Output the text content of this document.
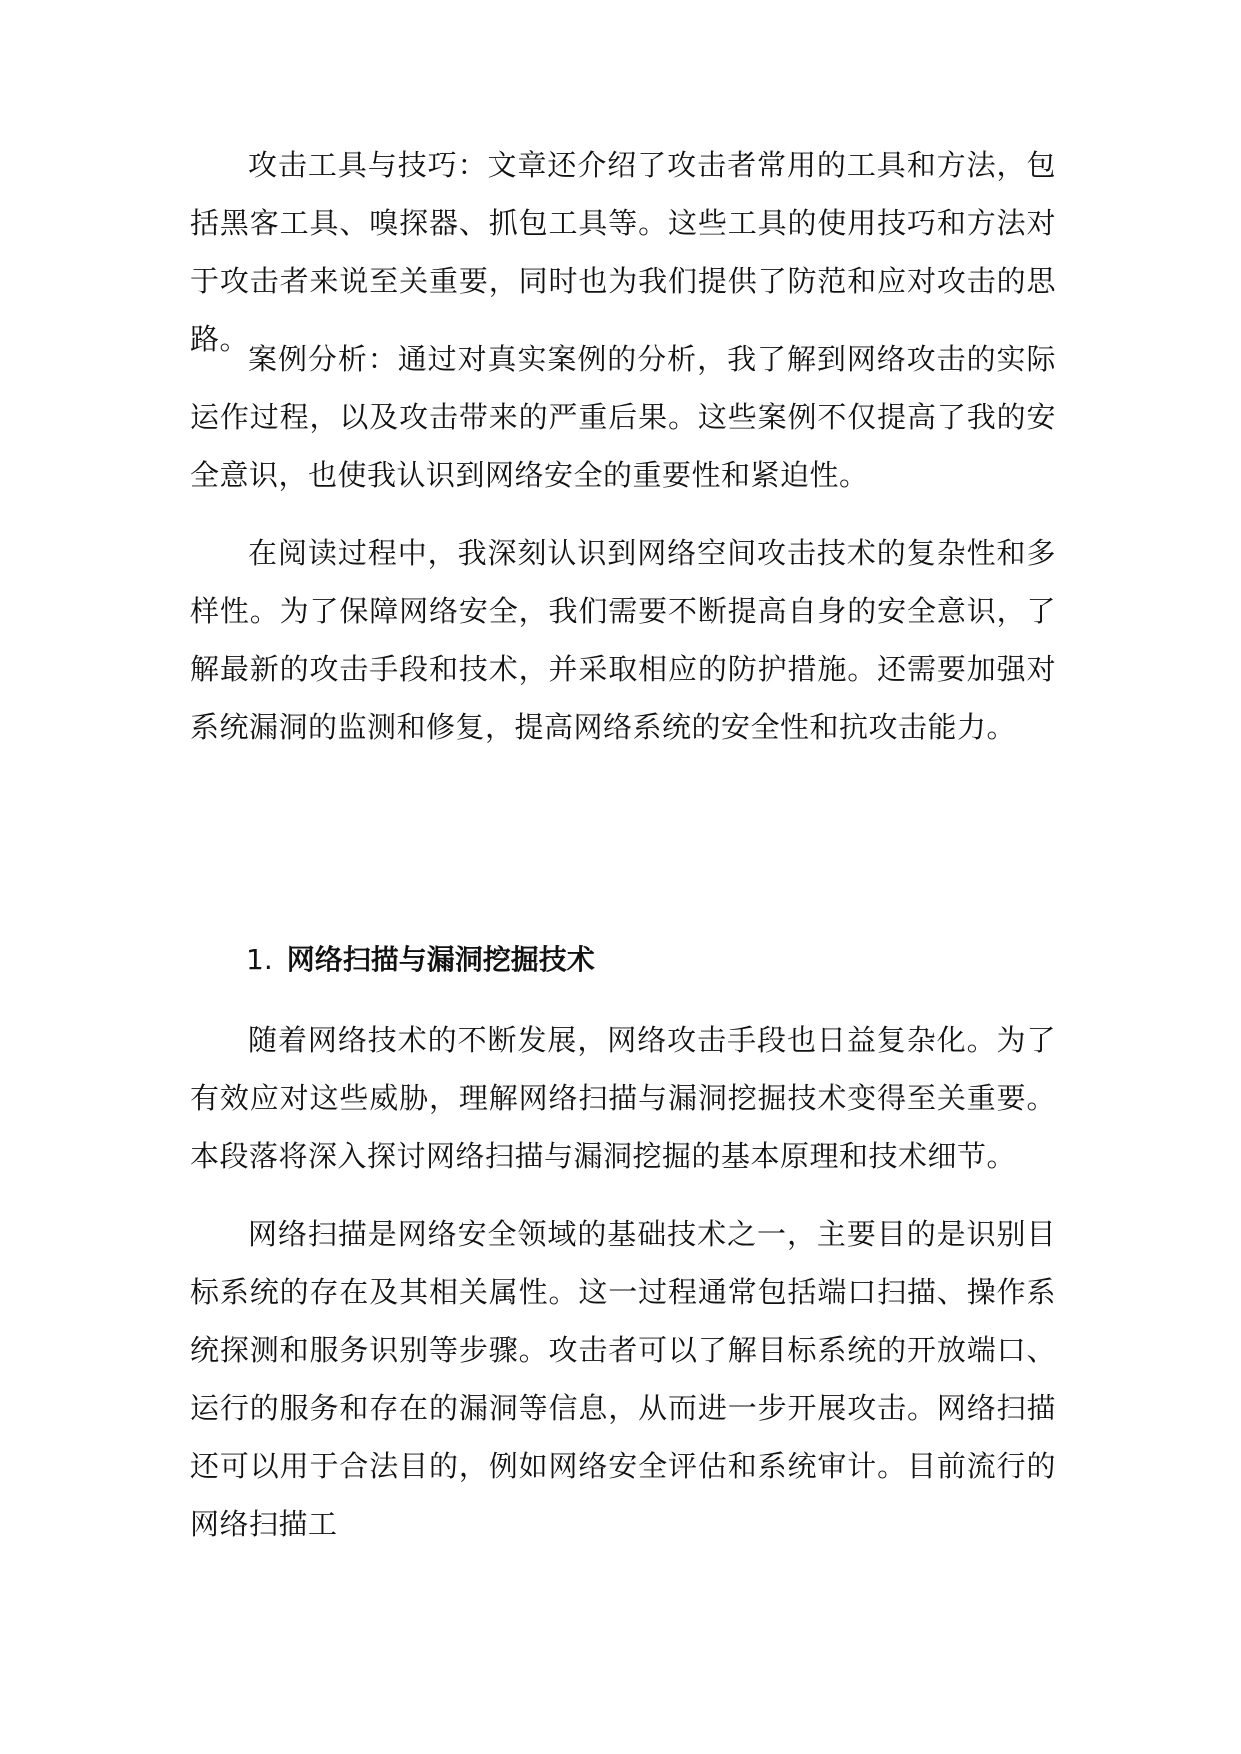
攻击工具与技巧：文章还介绍了攻击者常用的工具和方法，包括黑客工具、嗅探器、抓包工具等。这些工具的使用技巧和方法对于攻击者来说至关重要，同时也为我们提供了防范和应对攻击的思路。

案例分析：通过对真实案例的分析，我了解到网络攻击的实际运作过程，以及攻击带来的严重后果。这些案例不仅提高了我的安全意识，也使我认识到网络安全的重要性和紧迫性。

在阅读过程中，我深刻认识到网络空间攻击技术的复杂性和多样性。为了保障网络安全，我们需要不断提高自身的安全意识，了解最新的攻击手段和技术，并采取相应的防护措施。还需要加强对系统漏洞的监测和修复，提高网络系统的安全性和抗攻击能力。

1. 网络扫描与漏洞挖掘技术

随着网络技术的不断发展，网络攻击手段也日益复杂化。为了有效应对这些威胁，理解网络扫描与漏洞挖掘技术变得至关重要。本段落将深入探讨网络扫描与漏洞挖掘的基本原理和技术细节。

网络扫描是网络安全领域的基础技术之一，主要目的是识别目标系统的存在及其相关属性。这一过程通常包括端口扫描、操作系统探测和服务识别等步骤。攻击者可以了解目标系统的开放端口、运行的服务和存在的漏洞等信息，从而进一步开展攻击。网络扫描还可以用于合法目的，例如网络安全评估和系统审计。目前流行的网络扫描工
